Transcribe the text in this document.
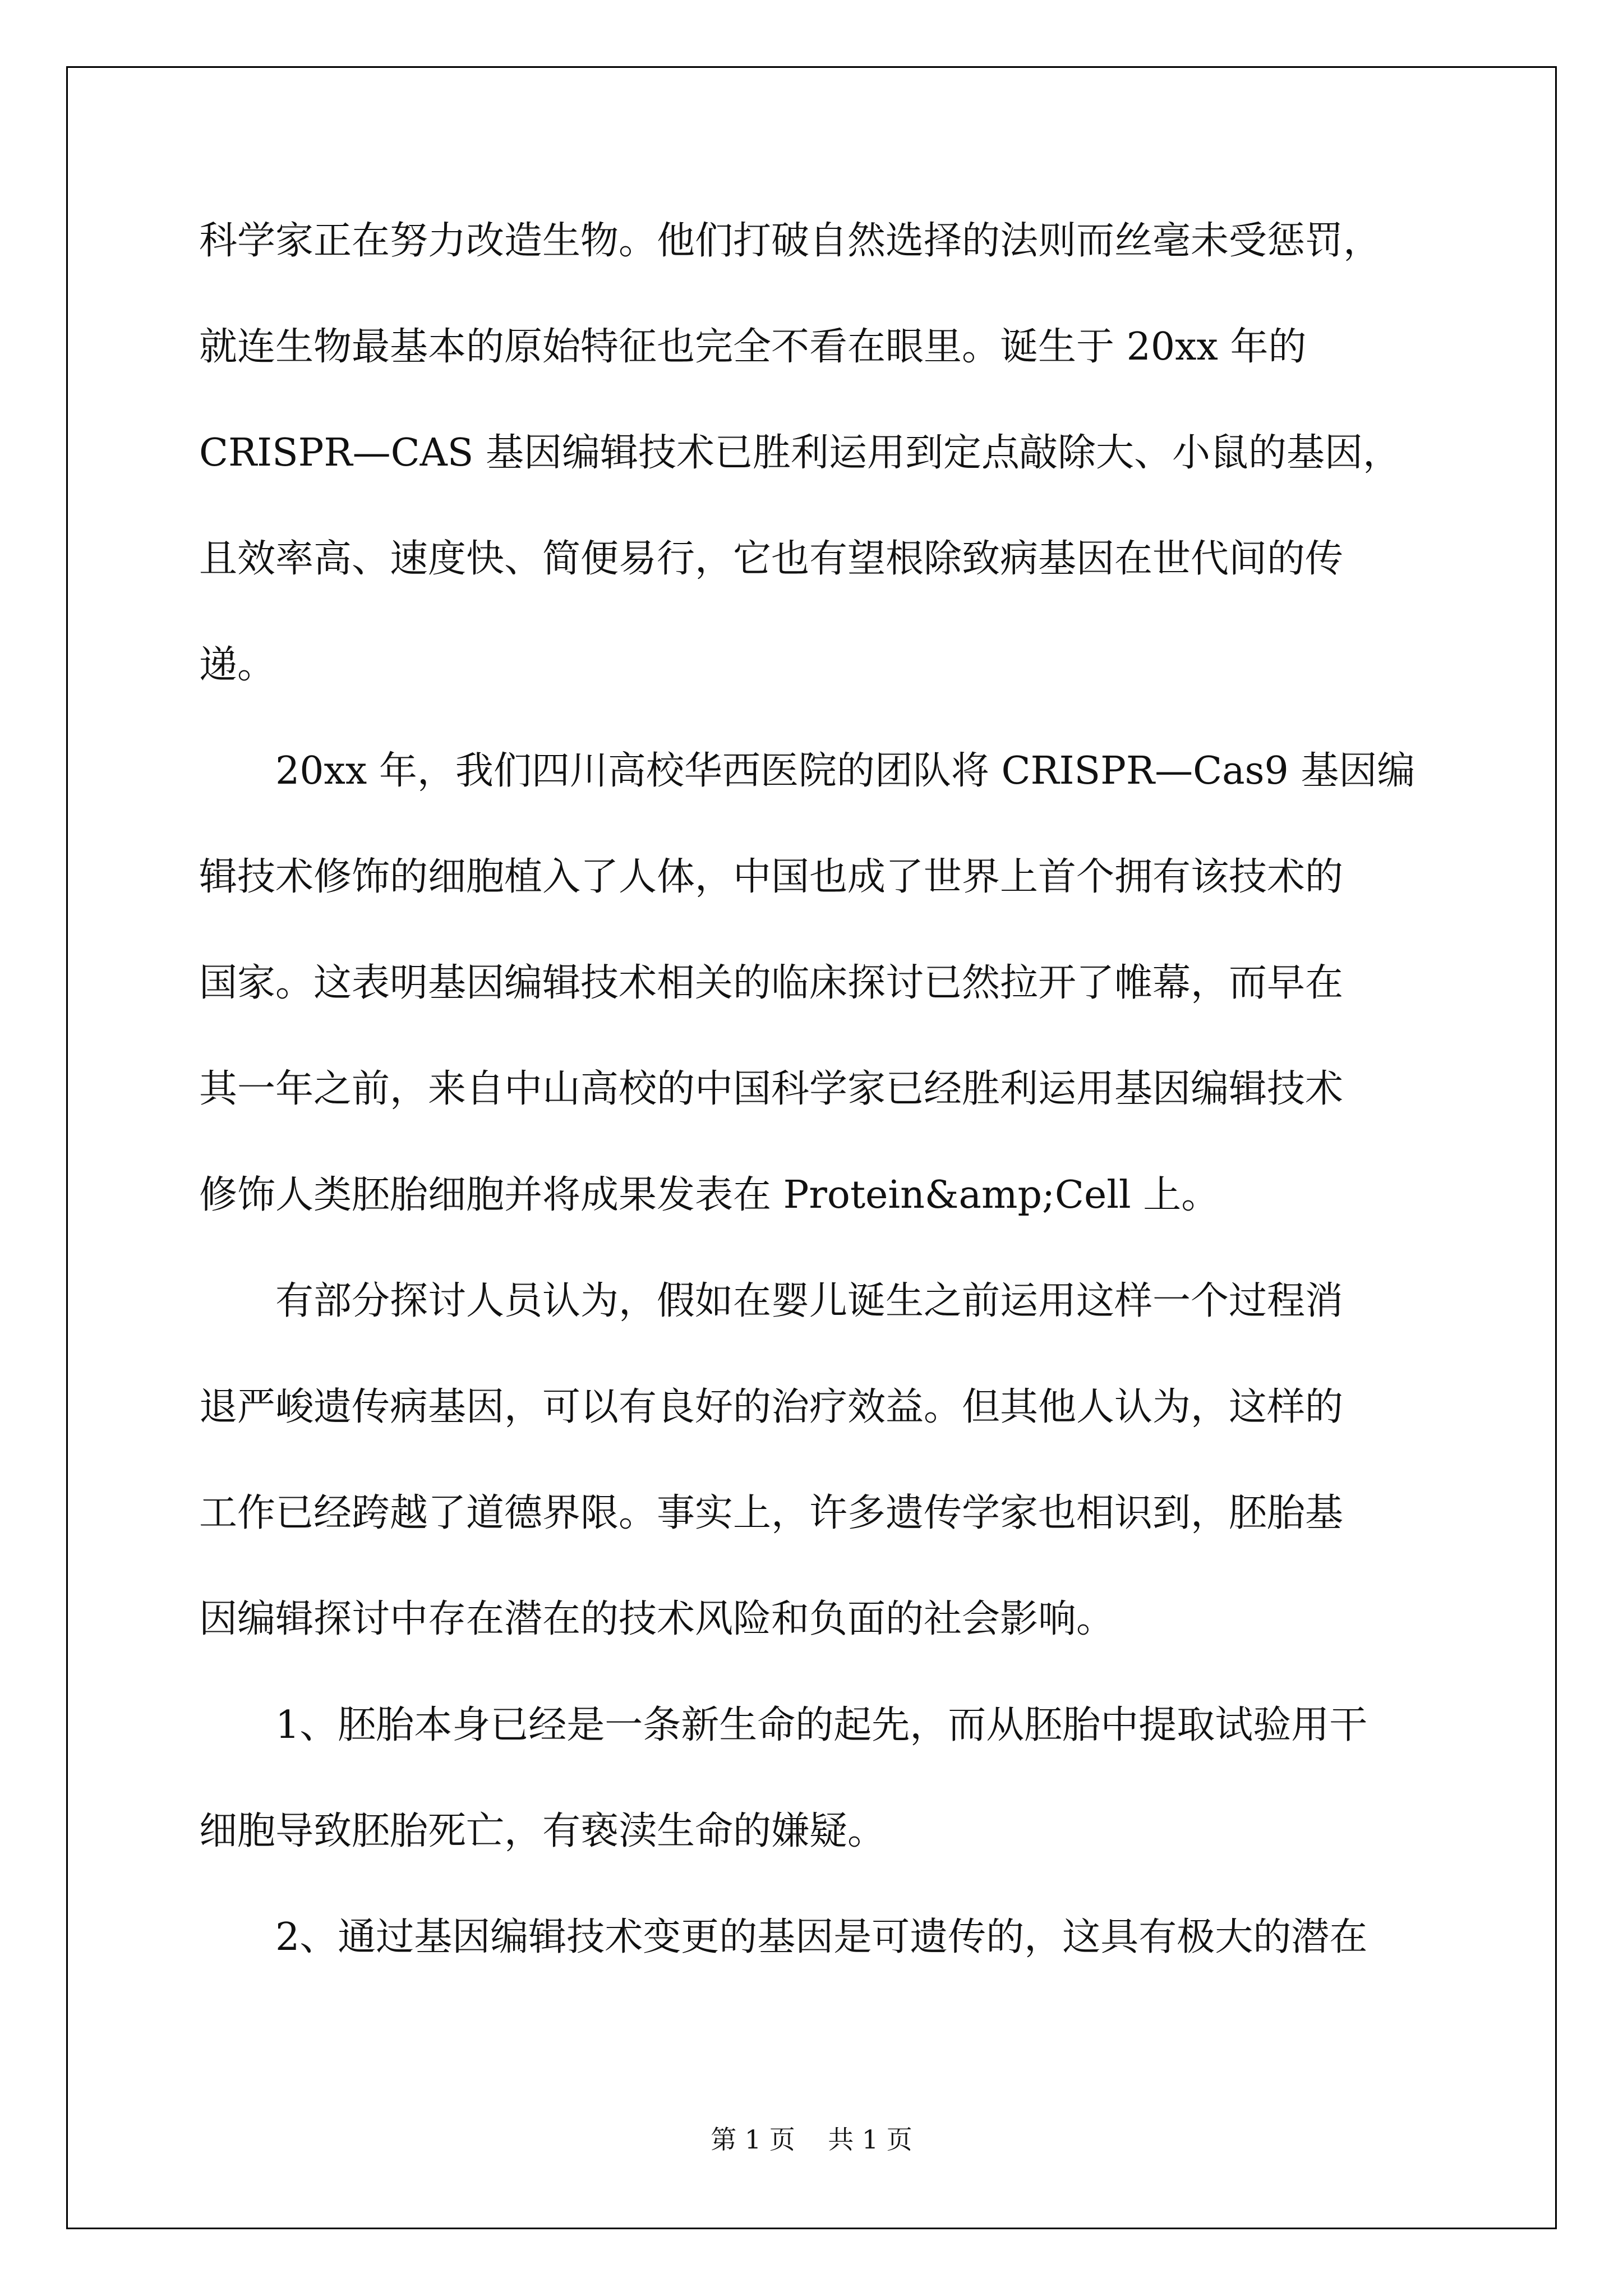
科学家正在努力改造生物。他们打破自然选择的法则而丝毫未受惩罚，
就连生物最基本的原始特征也完全不看在眼里。诞生于 20xx 年的
CRISPR—CAS 基因编辑技术已胜利运用到定点敲除大、小鼠的基因，
且效率高、速度快、简便易行，它也有望根除致病基因在世代间的传
递。
20xx 年，我们四川高校华西医院的团队将 CRISPR—Cas9 基因编
辑技术修饰的细胞植入了人体，中国也成了世界上首个拥有该技术的
国家。这表明基因编辑技术相关的临床探讨已然拉开了帷幕，而早在
其一年之前，来自中山高校的中国科学家已经胜利运用基因编辑技术
修饰人类胚胎细胞并将成果发表在 Protein&amp;Cell 上。
有部分探讨人员认为，假如在婴儿诞生之前运用这样一个过程消
退严峻遗传病基因，可以有良好的治疗效益。但其他人认为，这样的
工作已经跨越了道德界限。事实上，许多遗传学家也相识到，胚胎基
因编辑探讨中存在潜在的技术风险和负面的社会影响。
1、胚胎本身已经是一条新生命的起先，而从胚胎中提取试验用干
细胞导致胚胎死亡，有亵渎生命的嫌疑。
2、通过基因编辑技术变更的基因是可遗传的，这具有极大的潜在
第 1 页 共 1 页
